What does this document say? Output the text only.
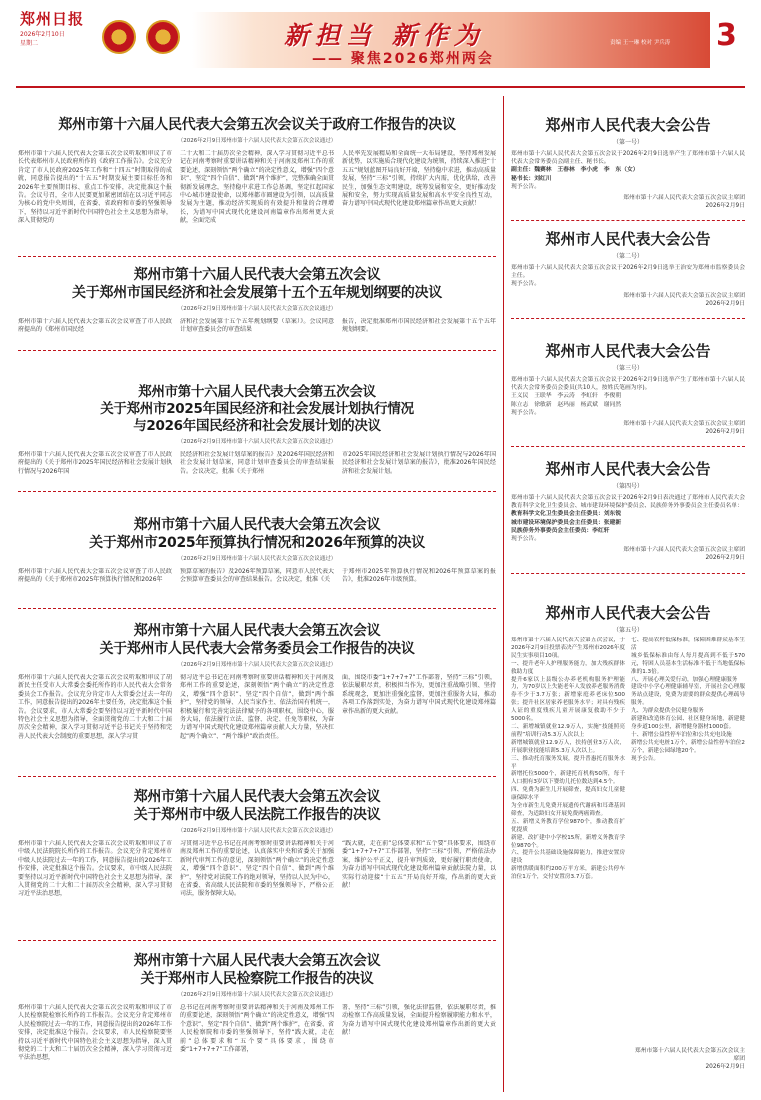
郑州日报
2026年2月10日
星期二	新担当 新作为
—— 聚焦2026郑州两会
责编 王一琳 校对 尹兵涛 3
郑州市第十六届人民代表大会第五次会议关于政府工作报告的决议
（2026年2月9日郑州市第十六届人民代表大会第五次会议通过）

郑州市第十六届人民代表大会第五次会议听取和审议了市长代表郑州市人民政府所作的《政府工作报告》。会议充分肯定了市人民政府2025年工作和“十四五”时期取得的成就，同意报告提出的“十五五”时期发展主要目标任务和2026年主要预期目标、重点工作安排，决定批准这个报告。会议号召，全市人民要更加紧密团结在以习近平同志为核心的党中央周围，在省委、省政府和市委的坚强领导下，坚持以习近平新时代中国特色社会主义思想为指导，深入贯彻党的

二十大和二十届历次全会精神，深入学习贯彻习近平总书记在河南考察时重要讲话精神和关于河南及郑州工作的重要论述，深刻领悟“两个确立”的决定性意义，增强“四个意识”、坚定“四个自信”、做到“两个维护”，完整准确全面贯彻新发展理念，坚持稳中求进工作总基调，坚定扛起国家中心城市建设使命，以郑州都市圈建设为引领，以高质量发展为主题，推动经济实现质的有效提升和量的合理增长，为谱写中国式现代化建设河南篇章作出郑州更大贡献，全面完成

人民率先发展精局和全面统一大布局建设，坚持郑州发展新优势，以实施质合现代化建设为统领，持续深入推进“十五五”规划蓝图开局良好开端，坚持稳中求进，推动高质量发展，坚持“三标”引领，持续扩大内需，优化供给，改善民生，加强生态文明建设，统筹发展和安全，更好推动发展和安全，努力实现高质量发展和高水平安全良性互动，奋力谱写中国式现代化建设郑州篇章作出更大贡献！

郑州市第十六届人民代表大会第五次会议
关于郑州市国民经济和社会发展第十五个五年规划纲要的决议
（2026年2月9日郑州市第十六届人民代表大会第五次会议通过）

郑州市第十六届人民代表大会第五次会议审查了市人民政府提出的《郑州市国民经

济和社会发展第十五个五年规划纲要（草案）》。会议同意计划审查委员会的审查结果

报告，决定批准郑州市国民经济和社会发展第十五个五年规划纲要。

郑州市第十六届人民代表大会第五次会议
关于郑州市2025年国民经济和社会发展计划执行情况
与2026年国民经济和社会发展计划的决议
（2026年2月9日郑州市第十六届人民代表大会第五次会议通过）

郑州市第十六届人民代表大会第五次会议审查了市人民政府提出的《关于郑州市2025年国民经济和社会发展计划执行情况与2026年国

民经济和社会发展计划草案的报告》及2026年国民经济和社会发展计划草案，同意计划审查委员会的审查结果报告。会议决定，批准《关于郑州

市2025年国民经济和社会发展计划执行情况与2026年国民经济和社会发展计划草案的报告》，批准2026年国民经济和社会发展计划。

郑州市第十六届人民代表大会第五次会议
关于郑州市2025年预算执行情况和2026年预算的决议
（2026年2月9日郑州市第十六届人民代表大会第五次会议通过）

郑州市第十六届人民代表大会第五次会议审查了市人民政府提出的《关于郑州市2025年预算执行情况和2026年

预算草案的报告》及2026年预算草案，同意市人民代表大会预算审查委员会的审查结果报告。会议决定，批准《关

于郑州市2025年预算执行情况和2026年预算草案的报告》，批准2026年市级预算。

郑州市第十六届人民代表大会第五次会议
关于郑州市人民代表大会常务委员会工作报告的决议
（2026年2月9日郑州市第十六届人民代表大会第五次会议通过）

郑州市第十六届人民代表大会第五次会议听取和审议了胡新民主任受市人大常委会委托所作的市人民代表大会常务委员会工作报告。会议充分肯定市人大常委会过去一年的工作，同意报告提出的2026年主要任务，决定批准这个报告。会议要求，市人大常委会要坚持以习近平新时代中国特色社会主义思想为指导，全面贯彻党的二十大和二十届历次全会精神，深入学习贯彻习近平总书记关于坚持和完善人民代表大会制度的重要思想，深入学习贯

彻习近平总书记在河南考察时重要讲话精神和关于河南及郑州工作的重要论述，深刻领悟“两个确立”的决定性意义，增强“四个意识”、坚定“四个自信”，做到“两个维护”，坚持党的领导、人民当家作主、依法治国有机统一，积极履行和完善宪法法律赋予的各项职权，围绕中心，服务大局，依法履行立法、监督、决定、任免等职权，为奋力谱写中国式现代化建设郑州篇章贡献人大力量，坚决扛起“两个确立”、“两个维护”政治责任。

面，围绕市委“1+7+7+7”工作部署，坚持“三标”引领，依法履职尽责，积极担当作为，更加注重战略引领、坚持系统观念，更加注重强化监督，更加注重服务大局，推动各项工作落到实处，为奋力谱写中国式现代化建设郑州篇章作出新的更大贡献。

郑州市第十六届人民代表大会第五次会议
关于郑州市中级人民法院工作报告的决议
（2026年2月9日郑州市第十六届人民代表大会第五次会议通过）

郑州市第十六届人民代表大会第五次会议听取和审议了市中级人民法院院长所作的工作报告。会议充分肯定郑州市中级人民法院过去一年的工作，同意报告提出的2026年工作安排，决定批准这个报告。会议要求，市中级人民法院要坚持以习近平新时代中国特色社会主义思想为指导，深入贯彻党的二十大和二十届历次全会精神，深入学习贯彻习近平法治思想，

习贯彻习近平总书记在河南考察时重要讲话精神和关于河南及郑州工作的重要论述，认真落实中央和省委关于加强新时代审判工作的意见，深刻领悟“两个确立”的决定性意义，增强“四个意识”、坚定“四个自信”、做到“两个维护”，坚持党对法院工作的绝对领导，坚持以人民为中心，在省委、省高级人民法院和市委的坚强领导下，严格公正司法，服务保障大局。

“践大就，走在前”总体要求和“五个要”具体要求，围绕市委“1+7+7+7”工作部署，坚持“三标”引领，严格依法办案，维护公平正义，提升审判质效，更好履行职责使命，为奋力谱写中国式现代化建设郑州篇章贡献法院力量，以实际行动迎接“十五五”开局良好开端，作出新的更大贡献！

郑州市第十六届人民代表大会第五次会议
关于郑州市人民检察院工作报告的决议
（2026年2月9日郑州市第十六届人民代表大会第五次会议通过）

郑州市第十六届人民代表大会第五次会议听取和审议了市人民检察院检察长所作的工作报告。会议充分肯定郑州市人民检察院过去一年的工作，同意报告提出的2026年工作安排，决定批准这个报告。会议要求，市人民检察院要坚持以习近平新时代中国特色社会主义思想为指导，深入贯彻党的二十大和二十届历次全会精神，深入学习贯彻习近平法治思想，

总书记在河南考察时重要讲话精神和关于河南及郑州工作的重要论述，深刻领悟“两个确立”的决定性意义，增强“四个意识”、坚定“四个自信”、做到“两个维护”，在省委、省人民检察院和市委的坚强领导下，坚持“践大就，走在前”总体要求和“五个要”具体要求，围绕市委“1+7+7+7”工作部署，

署，坚持“三标”引领，强化法律监督，依法履职尽责，推动检察工作高质量发展，全面提升检察履职能力和水平，为奋力谱写中国式现代化建设郑州篇章作出新的更大贡献！

郑州市人民代表大会公告
（第一号）
郑州市第十六届人民代表大会第五次会议于2026年2月9日选举产生了郑州市第十六届人民代表大会常务委员会副主任、秘书长。
副主任：魏赛林　王春林　李小虎　李　东（女）
秘书长：刘红川
现予公告。
郑州市第十六届人民代表大会第五次会议主席团
2026年2月9日
郑州市人民代表大会公告
（第二号）
郑州市第十六届人民代表大会第五次会议于2026年2月9日选举王治安为郑州市监察委员会主任。
现予公告。
郑州市第十六届人民代表大会第五次会议主席团
2026年2月9日
郑州市人民代表大会公告
（第三号）
郑州市第十六届人民代表大会第五次会议于2026年2月9日选举产生了郑州市第十六届人民代表大会常务委员会委员(共10人，按姓氏笔画为序)。
王义民　王联华　李云涛　李虹轩　李俊朝
陈立志　徐敏新　赵玛丽　杨武斌　谢同然
现予公告。
郑州市第十六届人民代表大会第五次会议主席团
2026年2月9日
郑州市人民代表大会公告
（第四号）
郑州市第十六届人民代表大会第五次会议于2026年2月9日表决通过了郑州市人民代表大会教育科学文化卫生委员会、城市建设环境保护委员会、民族侨务外事委员会主任委员名单：
教育科学文化卫生委员会主任委员：刘东锐
城市建设环境保护委员会主任委员：张建新
民族侨务外事委员会主任委员：李红轩
现予公告。
郑州市第十六届人民代表大会第五次会议主席团
2026年2月9日
郑州市人民代表大会公告
（第五号）

郑州市第十六届人民代表大会第五次会议，于2026年2月9日投票表决产生郑州市2026年度民生实事项目10项。
一、提升老年人护理服务能力，加大残疾群体救助力度
提升6家以上县级公办养老机构服务护理能力，为70岁以上失能老年人发放养老服务消费券不少于3.7万张；新增家庭养老床位500张；提升社区居家养老服务水平；对具有残疾人证的重度残疾儿童开展康复救助不少于5000名。
二、新增城镇就业12.9万人，实施“技能照亮前程”培训行动5.3万人次以上
新增城镇就业12.9万人，扶持创业3万人次，开展职业技能培训5.3万人次以上。
三、推动托育服务发展，提升普惠托育服务水平
新增托位5000个，新建托育机构50所，每千人口拥有3岁以下婴幼儿托位数达到4.5个。
四、免费为新生儿开展筛查，提高妇女儿童健康保障水平
为全市新生儿免费开展遗传代谢病和耳聋基因筛查，为适龄妇女开展免费两癌筛查。
五、新增义务教育学位9870个，推动教育扩优提质
新建、改扩建中小学校15所，新增义务教育学位9870个。
六、提升公共基础设施保障能力，推进安置房建设
新增供暖面积约200万平方米，新建公共停车泊位1万个，交付安置房3.7万套。

七、提高农村低保标准，保障困难群众基本生活
城乡低保标准由每人每月提高到不低于570元，特困人员基本生活标准不低于当地低保标准的1.3倍。
八、开展心理关爱行动，加强心理健康服务
建设中小学心理健康辅导室，开展社会心理服务站点建设，免费为需要的群众提供心理疏导服务。
九、为群众提供全民健身服务
新建和改造体育公园、社区健身场地，新建健身步道100公里，新增健身器材1000套。
十、新增公益性停车泊位和公共充电设施
新增公共充电桩1万个，新增公益性停车泊位2万个，新建公园绿地20个。
现予公告。

郑州市第十六届人民代表大会第五次会议主席团
2026年2月9日
